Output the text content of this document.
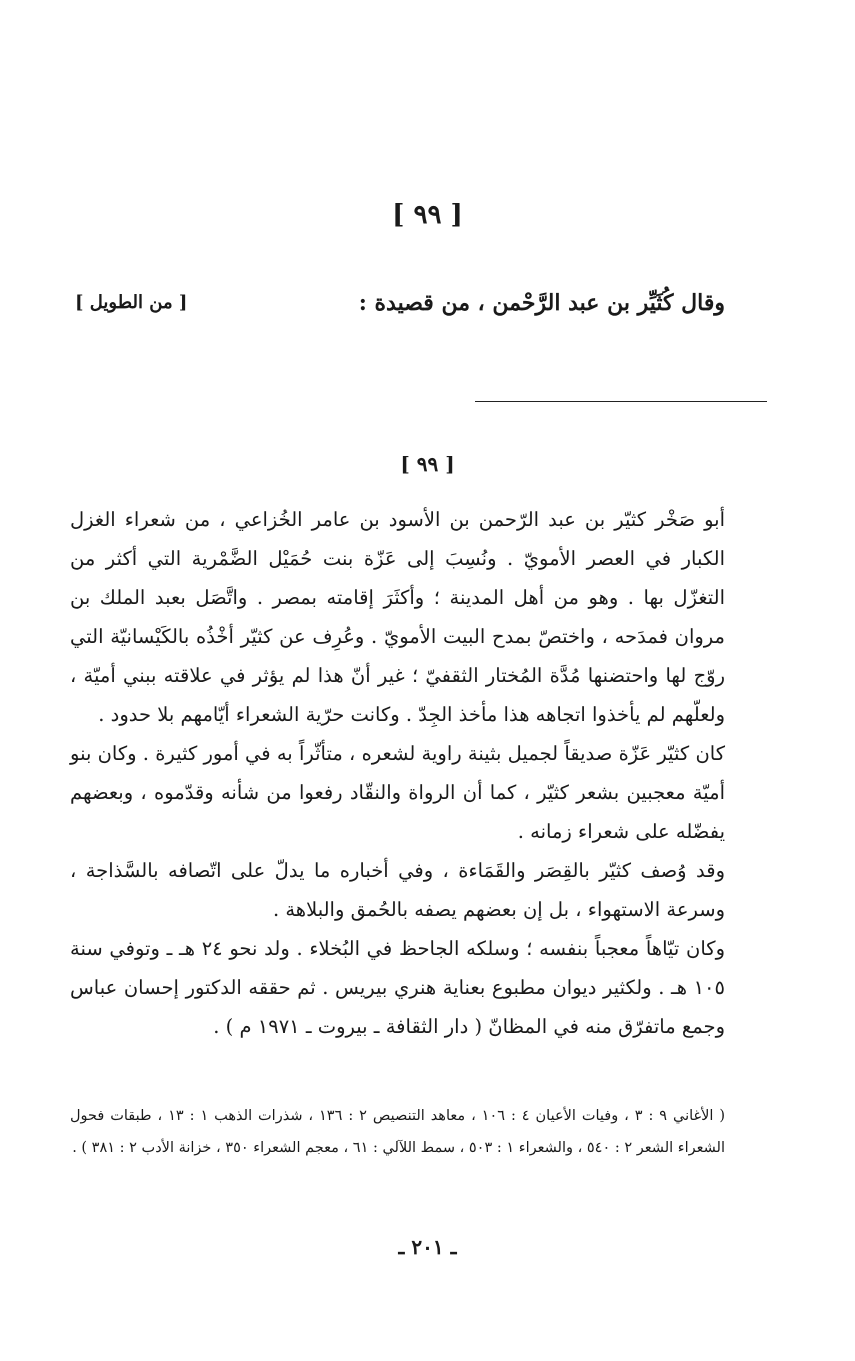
[ ٩٩ ]
وقال كُثَيِّر بن عبد الرَّحْمن ، من قصيدة :
[ من الطويل ]
[ ٩٩ ]

أبو صَخْر كثيّر بن عبد الرّحمن بن الأسود بن عامر الخُزاعي ، من شعراء الغزل الكبار في العصر الأمويّ . ونُسِبَ إلى عَزّة بنت حُمَيْل الضَّمْرية التي أكثر من التغزّل بها . وهو من أهل المدينة ؛ وأكثَرَ إقامته بمصر . واتَّصَل بعبد الملك بن مروان فمدَحه ، واختصّ بمدح البيت الأمويّ . وعُرِف عن كثيّر أخْذُه بالكَيْسانيّة التي روّج لها واحتضنها مُدَّة المُختار الثقفيّ ؛ غير أنّ هذا لم يؤثر في علاقته ببني أميّة ، ولعلّهم لم يأخذوا اتجاهه هذا مأخذ الجِدّ . وكانت حرّية الشعراء أيّامهم بلا حدود .

كان كثيّر عَزّة صديقاً لجميل بثينة راوية لشعره ، متأثّراً به في أمور كثيرة . وكان بنو أميّة معجبين بشعر كثيّر ، كما أن الرواة والنقّاد رفعوا من شأنه وقدّموه ، وبعضهم يفضّله على شعراء زمانه .

وقد وُصف كثيّر بالقِصَر والقَمَاءة ، وفي أخباره ما يدلّ على اتّصافه بالسَّذاجة ، وسرعة الاستهواء ، بل إن بعضهم يصفه بالحُمق والبلاهة .

وكان تيّاهاً معجباً بنفسه ؛ وسلكه الجاحظ في البُخلاء . ولد نحو ٢٤ هـ ـ وتوفي سنة ١٠٥ هـ . ولكثير ديوان مطبوع بعناية هنري بيريس . ثم حققه الدكتور إحسان عباس وجمع ماتفرّق منه في المظانّ ( دار الثقافة ـ بيروت ـ ١٩٧١ م ) .

( الأغاني ٩ : ٣ ، وفيات الأعيان ٤ : ١٠٦ ، معاهد التنصيص ٢ : ١٣٦ ، شذرات الذهب ١ : ١٣ ، طبقات فحول الشعراء الشعر ٢ : ٥٤٠ ، والشعراء ١ : ٥٠٣ ، سمط اللآلي : ٦١ ، معجم الشعراء ٣٥٠ ، خزانة الأدب ٢ : ٣٨١ ) .
ـ ٢٠١ ـ
